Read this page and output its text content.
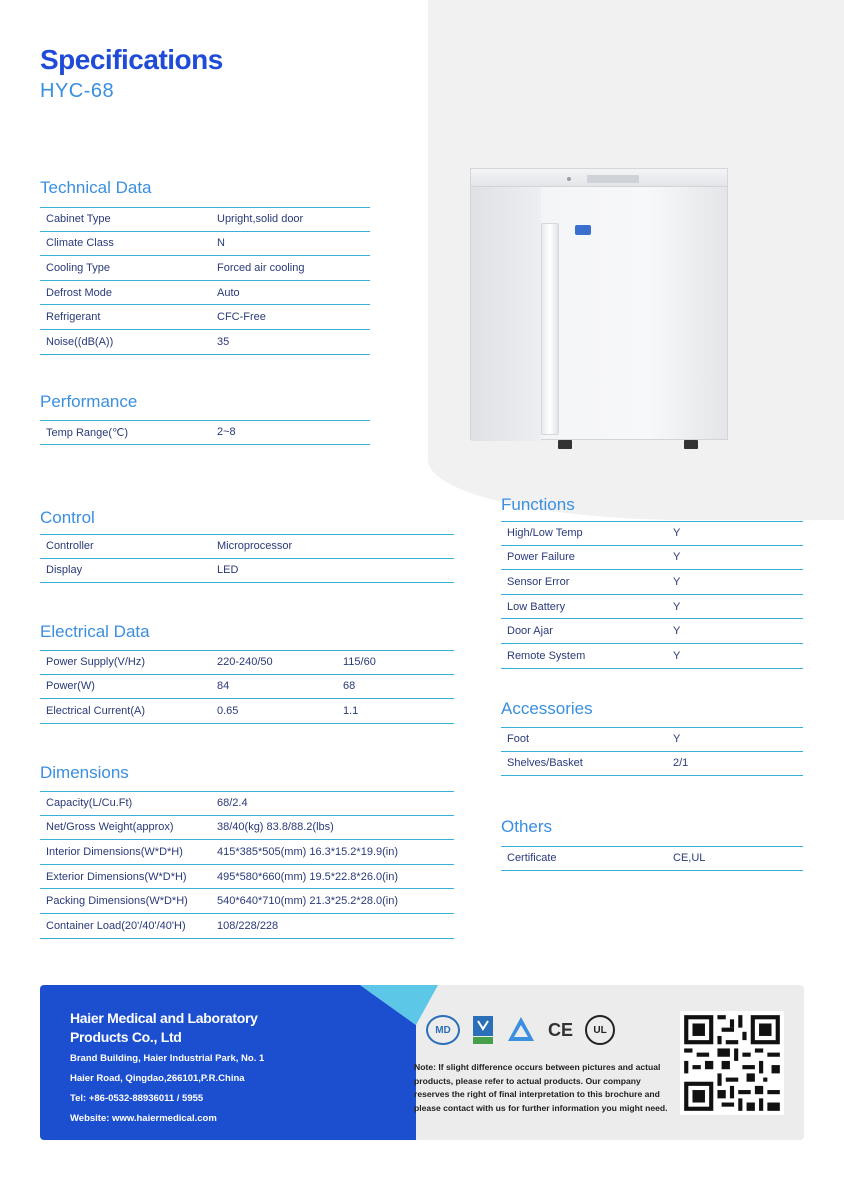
Specifications
HYC-68
Technical Data
Cabinet Type	Upright,solid door
Climate Class	N
Cooling Type	Forced air cooling
Defrost Mode	Auto
Refrigerant	CFC-Free
Noise((dB(A))	35
Performance
Temp Range(℃)	2~8
Control
Controller	Microprocessor
Display	LED
Electrical Data
Power Supply(V/Hz)	220-240/50	115/60
Power(W)	84	68
Electrical Current(A)	0.65	1.1
Dimensions
Capacity(L/Cu.Ft)	68/2.4
Net/Gross Weight(approx)	38/40(kg) 83.8/88.2(lbs)
Interior Dimensions(W*D*H)	415*385*505(mm) 16.3*15.2*19.9(in)
Exterior Dimensions(W*D*H)	495*580*660(mm) 19.5*22.8*26.0(in)
Packing Dimensions(W*D*H)	540*640*710(mm) 21.3*25.2*28.0(in)
Container Load(20'/40'/40'H)	108/228/228
Functions
High/Low Temp	Y
Power Failure	Y
Sensor Error	Y
Low Battery	Y
Door Ajar	Y
Remote System	Y
Accessories
Foot	Y
Shelves/Basket	2/1
Others
Certificate	CE,UL
Haier Medical and Laboratory
Products Co., Ltd
Brand Building, Haier Industrial Park, No. 1
Haier Road, Qingdao,266101,P.R.China
Tel: +86-0532-88936011 / 5955
Website: www.haiermedical.com
MD	CE	UL
Note: If slight difference occurs between pictures and actual products, please refer to actual products. Our company reserves the right of final interpretation to this brochure and please contact with us for further information you might need.
